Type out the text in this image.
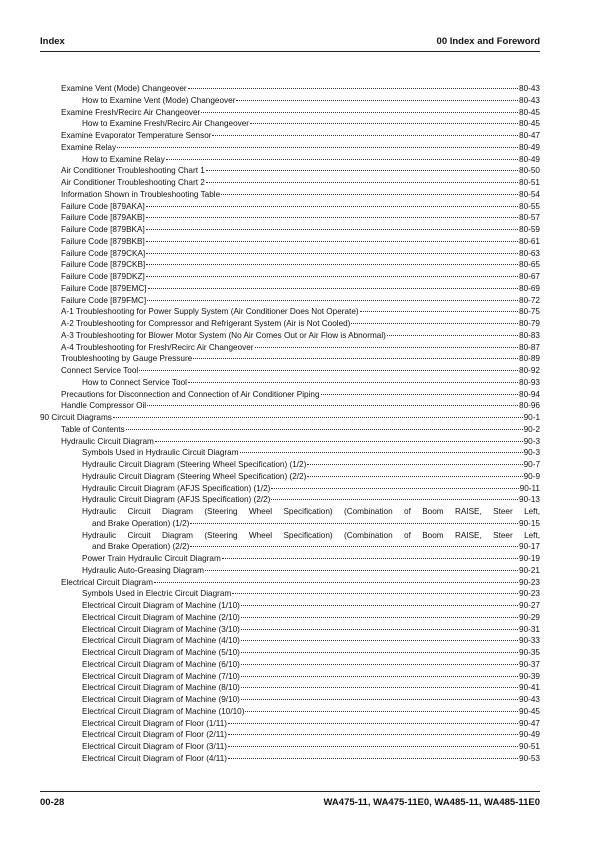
Index	00 Index and Foreword
Examine Vent (Mode) Changeover	80-43
How to Examine Vent (Mode) Changeover	80-43
Examine Fresh/Recirc Air Changeover	80-45
How to Examine Fresh/Recirc Air Changeover	80-45
Examine Evaporator Temperature Sensor	80-47
Examine Relay	80-49
How to Examine Relay	80-49
Air Conditioner Troubleshooting Chart 1	80-50
Air Conditioner Troubleshooting Chart 2	80-51
Information Shown in Troubleshooting Table	80-54
Failure Code [879AKA]	80-55
Failure Code [879AKB]	80-57
Failure Code [879BKA]	80-59
Failure Code [879BKB]	80-61
Failure Code [879CKA]	80-63
Failure Code [879CKB]	80-65
Failure Code [879DKZ]	80-67
Failure Code [879EMC]	80-69
Failure Code [879FMC]	80-72
A-1 Troubleshooting for Power Supply System (Air Conditioner Does Not Operate)	80-75
A-2 Troubleshooting for Compressor and Refrigerant System (Air is Not Cooled)	80-79
A-3 Troubleshooting for Blower Motor System (No Air Comes Out or Air Flow is Abnormal)	80-83
A-4 Troubleshooting for Fresh/Recirc Air Changeover	80-87
Troubleshooting by Gauge Pressure	80-89
Connect Service Tool	80-92
How to Connect Service Tool	80-93
Precautions for Disconnection and Connection of Air Conditioner Piping	80-94
Handle Compressor Oil	80-96
90 Circuit Diagrams	90-1
Table of Contents	90-2
Hydraulic Circuit Diagram	90-3
Symbols Used in Hydraulic Circuit Diagram	90-3
Hydraulic Circuit Diagram (Steering Wheel Specification) (1/2)	90-7
Hydraulic Circuit Diagram (Steering Wheel Specification) (2/2)	90-9
Hydraulic Circuit Diagram (AFJS Specification) (1/2)	90-11
Hydraulic Circuit Diagram (AFJS Specification) (2/2)	90-13
Hydraulic Circuit Diagram (Steering Wheel Specification) (Combination of Boom RAISE, Steer Left,
and Brake Operation) (1/2)	90-15
Hydraulic Circuit Diagram (Steering Wheel Specification) (Combination of Boom RAISE, Steer Left,
and Brake Operation) (2/2)	90-17
Power Train Hydraulic Circuit Diagram	90-19
Hydraulic Auto-Greasing Diagram	90-21
Electrical Circuit Diagram	90-23
Symbols Used in Electric Circuit Diagram	90-23
Electrical Circuit Diagram of Machine (1/10)	90-27
Electrical Circuit Diagram of Machine (2/10)	90-29
Electrical Circuit Diagram of Machine (3/10)	90-31
Electrical Circuit Diagram of Machine (4/10)	90-33
Electrical Circuit Diagram of Machine (5/10)	90-35
Electrical Circuit Diagram of Machine (6/10)	90-37
Electrical Circuit Diagram of Machine (7/10)	90-39
Electrical Circuit Diagram of Machine (8/10)	90-41
Electrical Circuit Diagram of Machine (9/10)	90-43
Electrical Circuit Diagram of Machine (10/10)	90-45
Electrical Circuit Diagram of Floor (1/11)	90-47
Electrical Circuit Diagram of Floor (2/11)	90-49
Electrical Circuit Diagram of Floor (3/11)	90-51
Electrical Circuit Diagram of Floor (4/11)	90-53
00-28	WA475-11, WA475-11E0, WA485-11, WA485-11E0
